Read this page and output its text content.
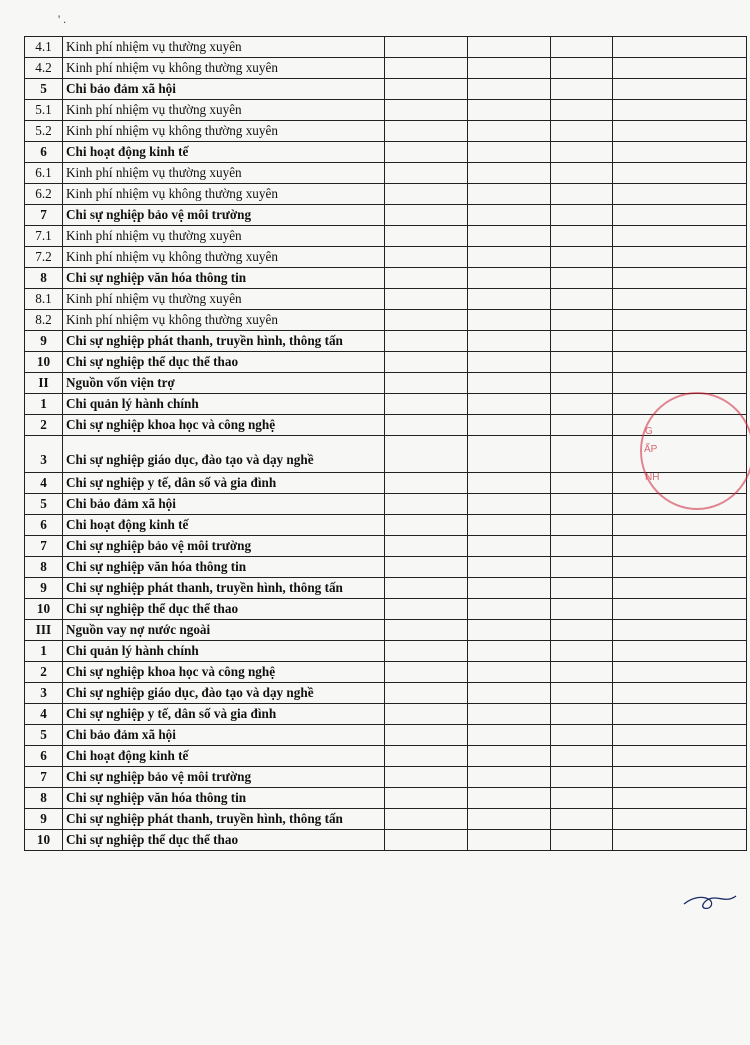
' .
4.1	Kinh phí nhiệm vụ thường xuyên				
4.2	Kinh phí nhiệm vụ không thường xuyên				
5	Chi bảo đảm xã hội				
5.1	Kinh phí nhiệm vụ thường xuyên				
5.2	Kinh phí nhiệm vụ không thường xuyên				
6	Chi hoạt động kinh tế				
6.1	Kinh phí nhiệm vụ thường xuyên				
6.2	Kinh phí nhiệm vụ không thường xuyên				
7	Chi sự nghiệp bảo vệ môi trường				
7.1	Kinh phí nhiệm vụ thường xuyên				
7.2	Kinh phí nhiệm vụ không thường xuyên				
8	Chi sự nghiệp văn hóa thông tin				
8.1	Kinh phí nhiệm vụ thường xuyên				
8.2	Kinh phí nhiệm vụ không thường xuyên				
9	Chi sự nghiệp phát thanh, truyền hình, thông tấn				
10	Chi sự nghiệp thể dục thể thao				
II	Nguồn vốn viện trợ				
1	Chi quản lý hành chính				
2	Chi sự nghiệp khoa học và công nghệ				
3	Chi sự nghiệp giáo dục, đào tạo và dạy nghề				
4	Chi sự nghiệp y tế, dân số và gia đình				
5	Chi bảo đảm xã hội				
6	Chi hoạt động kinh tế				
7	Chi sự nghiệp bảo vệ môi trường				
8	Chi sự nghiệp văn hóa thông tin				
9	Chi sự nghiệp phát thanh, truyền hình, thông tấn				
10	Chi sự nghiệp thể dục thể thao				
III	Nguồn vay nợ nước ngoài				
1	Chi quản lý hành chính				
2	Chi sự nghiệp khoa học và công nghệ				
3	Chi sự nghiệp giáo dục, đào tạo và dạy nghề				
4	Chi sự nghiệp y tế, dân số và gia đình				
5	Chi bảo đảm xã hội				
6	Chi hoạt động kinh tế				
7	Chi sự nghiệp bảo vệ môi trường				
8	Chi sự nghiệp văn hóa thông tin				
9	Chi sự nghiệp phát thanh, truyền hình, thông tấn				
10	Chi sự nghiệp thể dục thể thao				
G
ẤP
NH
